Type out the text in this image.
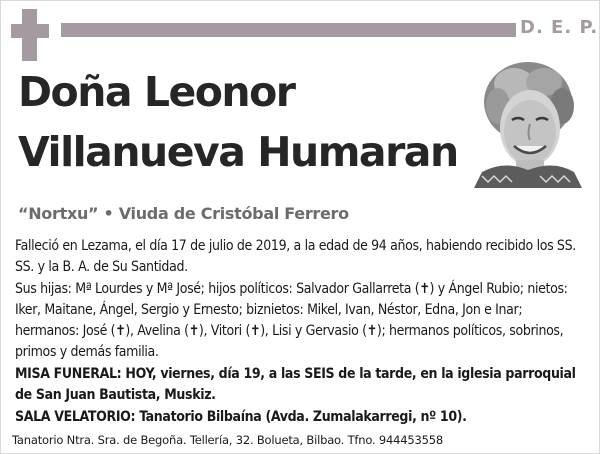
D. E. P.
Doña Leonor
Villanueva Humaran
“Nortxu” • Viuda de Cristóbal Ferrero

Falleció en Lezama, el día 17 de julio de 2019, a la edad de 94 años, habiendo recibido los SS. SS. y la B. A. de Su Santidad.

Sus hijas: Mª Lourdes y Mª José; hijos políticos: Salvador Gallarreta (✝) y Ángel Rubio; nietos: Iker, Maitane, Ángel, Sergio y Ernesto; biznietos: Mikel, Ivan, Néstor, Edna, Jon e Inar; hermanos: José (✝), Avelina (✝), Vitori (✝), Lisi y Gervasio (✝); hermanos políticos, sobrinos, primos y demás familia.

MISA FUNERAL: HOY, viernes, día 19, a las SEIS de la tarde, en la iglesia parroquial de San Juan Bautista, Muskiz.

SALA VELATORIO: Tanatorio Bilbaína (Avda. Zumalakarregi, nº 10).

Tanatorio Ntra. Sra. de Begoña. Tellería, 32. Bolueta, Bilbao. Tfno. 944453558
